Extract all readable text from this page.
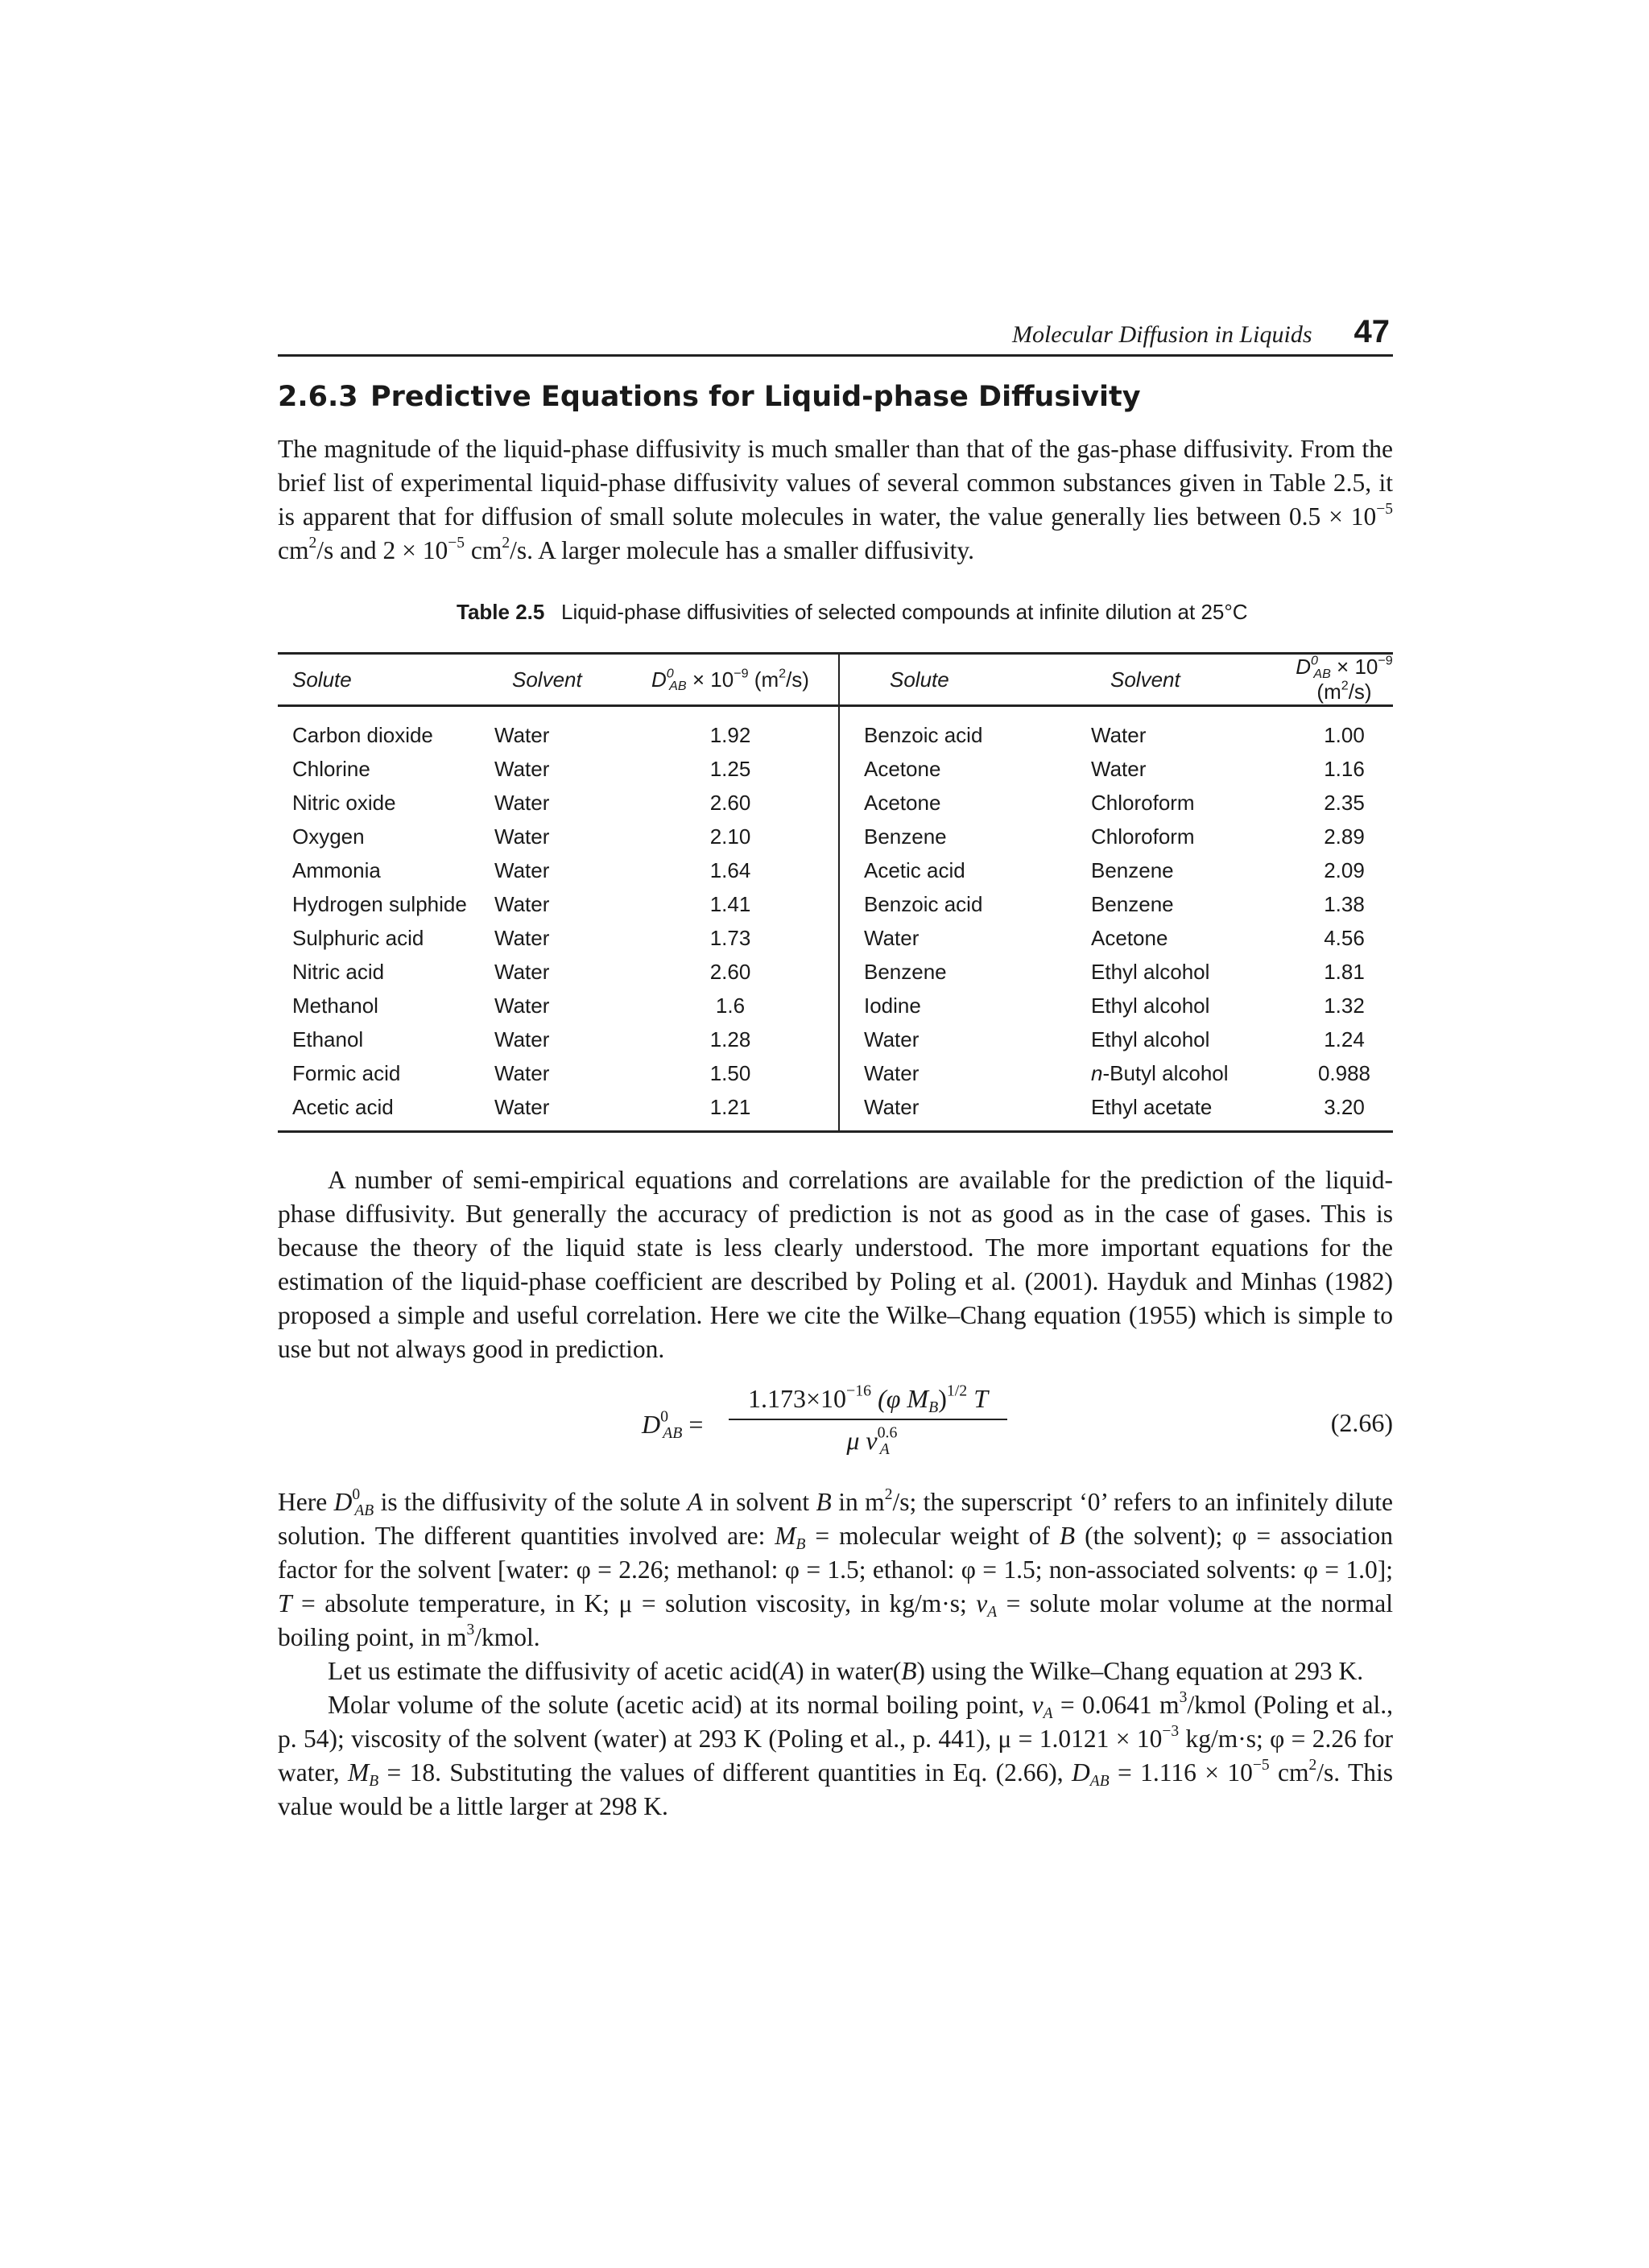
Molecular Diffusion in Liquids 47
2.6.3 Predictive Equations for Liquid-phase Diffusivity

The magnitude of the liquid-phase diffusivity is much smaller than that of the gas-phase diffusivity. From the brief list of experimental liquid-phase diffusivity values of several common substances given in Table 2.5, it is apparent that for diffusion of small solute molecules in water, the value generally lies between $0.5 \times 10^{-5}$ $cm^2/s$ and $2 \times 10^{-5}$ $cm^2/s$. A larger molecule has a smaller diffusivity.

Table 2.5 Liquid-phase diffusivities of selected compounds at infinite dilution at 25°C
Solute	Solvent	$D^0_{AB} \times 10^{-9}$ $(m^2/s)$	Solute	Solvent	$D^0_{AB} \times 10^{-9}$ $(m^2/s)$
Carbon dioxide	Water	1.92	Benzoic acid	Water	1.00
Chlorine	Water	1.25	Acetone	Water	1.16
Nitric oxide	Water	2.60	Acetone	Chloroform	2.35
Oxygen	Water	2.10	Benzene	Chloroform	2.89
Ammonia	Water	1.64	Acetic acid	Benzene	2.09
Hydrogen sulphide	Water	1.41	Benzoic acid	Benzene	1.38
Sulphuric acid	Water	1.73	Water	Acetone	4.56
Nitric acid	Water	2.60	Benzene	Ethyl alcohol	1.81
Methanol	Water	1.6	Iodine	Ethyl alcohol	1.32
Ethanol	Water	1.28	Water	Ethyl alcohol	1.24
Formic acid	Water	1.50	Water	n-Butyl alcohol	0.988
Acetic acid	Water	1.21	Water	Ethyl acetate	3.20

A number of semi-empirical equations and correlations are available for the prediction of the liquid-phase diffusivity. But generally the accuracy of prediction is not as good as in the case of gases. This is because the theory of the liquid state is less clearly understood. The more important equations for the estimation of the liquid-phase coefficient are described by Poling et al. (2001). Hayduk and Minhas (1982) proposed a simple and useful correlation. Here we cite the Wilke–Chang equation (1955) which is simple to use but not always good in prediction.

$D^0_{AB}$ =
$1.173\times 10^{-16}$ (φ $M_B)^{1/2}$ T
μ $v^{0.6}_A$
(2.66)

Here $D^0_{AB}$ is the diffusivity of the solute A in solvent B in $m^2/s$; the superscript ‘0’ refers to an infinitely dilute solution. The different quantities involved are: $M_B$ = molecular weight of B (the solvent); φ = association factor for the solvent [water: φ = 2.26; methanol: φ = 1.5; ethanol: φ = 1.5; non-associated solvents: φ = 1.0]; T = absolute temperature, in K; μ = solution viscosity, in kg/m·s; $v_A$ = solute molar volume at the normal boiling point, in $m^3$/kmol.

Let us estimate the diffusivity of acetic acid(A) in water(B) using the Wilke–Chang equation at 293 K.

Molar volume of the solute (acetic acid) at its normal boiling point, $v_A = 0.0641$ $m^3$/kmol (Poling et al., p. 54); viscosity of the solvent (water) at 293 K (Poling et al., p. 441), $\mu = 1.0121 \times 10^{-3}$ kg/m·s; φ = 2.26 for water, $M_B = 18$. Substituting the values of different quantities in Eq. (2.66), $D_{AB} = 1.116 \times 10^{-5}$ $cm^2/s$. This value would be a little larger at 298 K.
